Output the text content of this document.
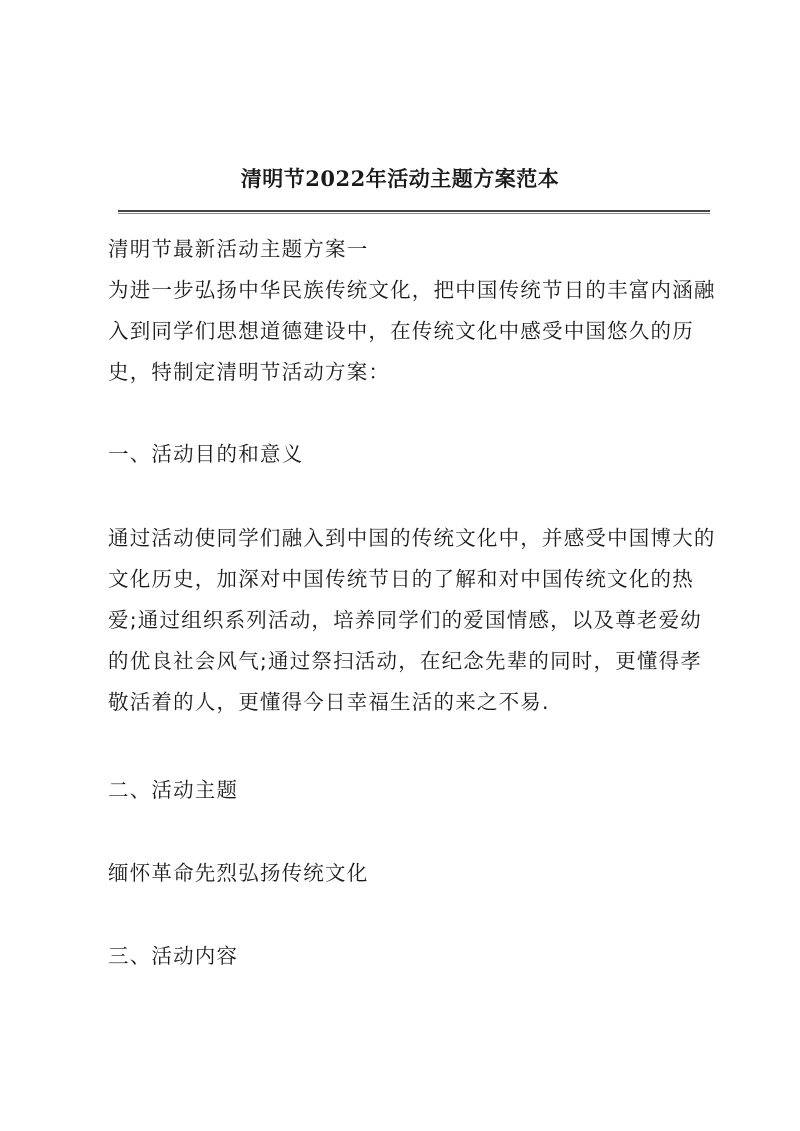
清明节2022年活动主题方案范本
清明节最新活动主题方案一
为进一步弘扬中华民族传统文化，把中国传统节日的丰富内涵融
入到同学们思想道德建设中，在传统文化中感受中国悠久的历
史，特制定清明节活动方案：
一、活动目的和意义
通过活动使同学们融入到中国的传统文化中，并感受中国博大的
文化历史，加深对中国传统节日的了解和对中国传统文化的热
爱;通过组织系列活动，培养同学们的爱国情感，以及尊老爱幼
的优良社会风气;通过祭扫活动，在纪念先辈的同时，更懂得孝
敬活着的人，更懂得今日幸福生活的来之不易.
二、活动主题
缅怀革命先烈弘扬传统文化
三、活动内容
